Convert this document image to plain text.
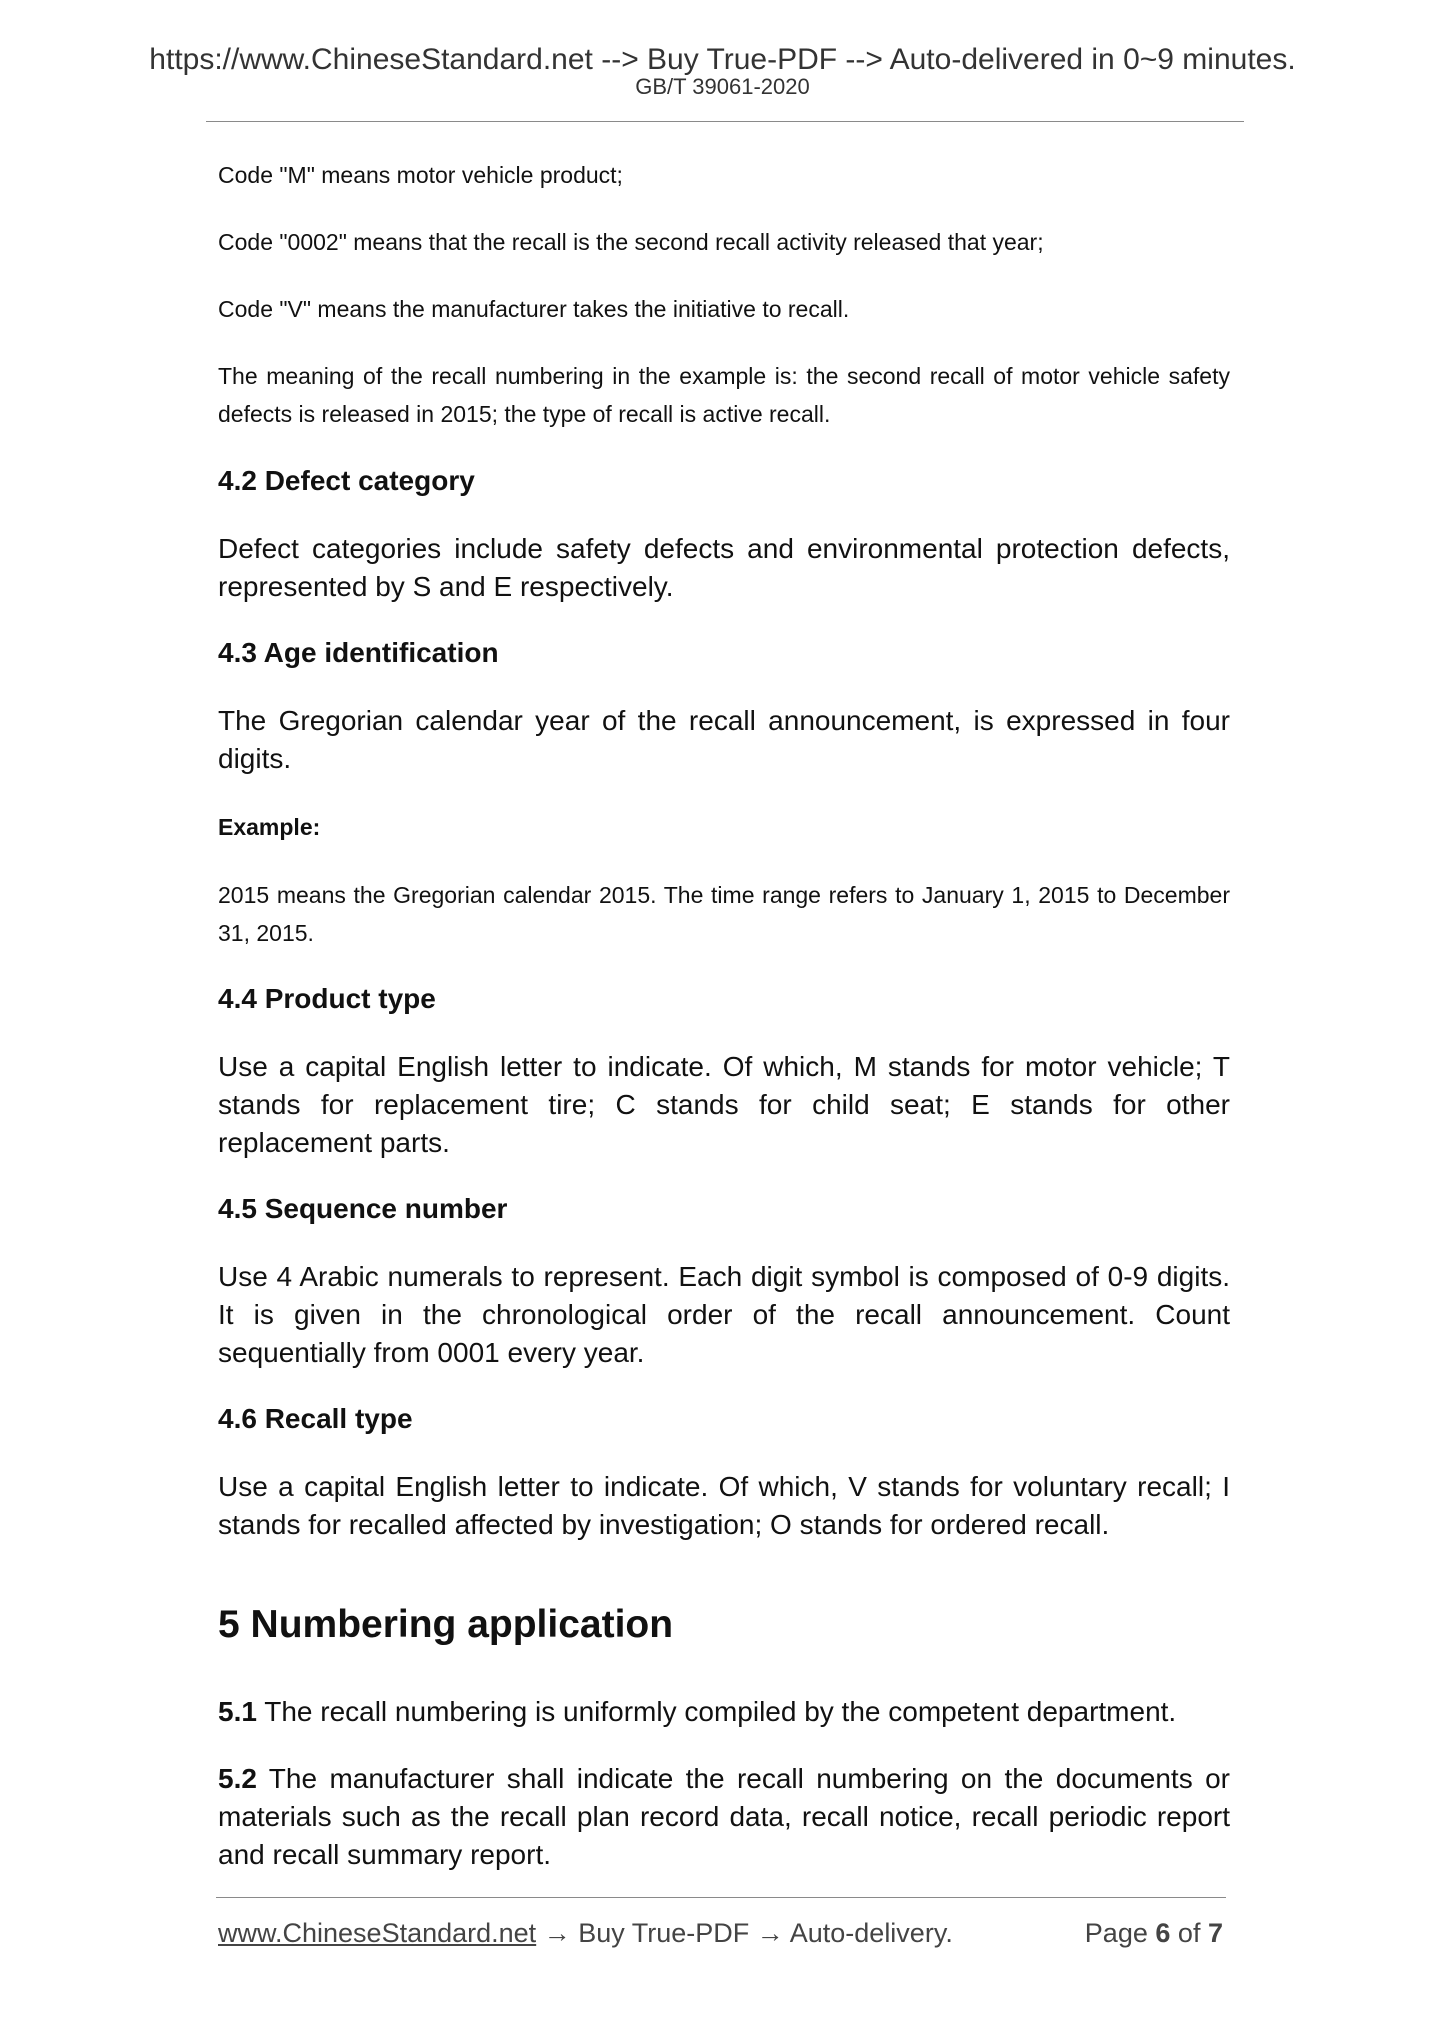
https://www.ChineseStandard.net --> Buy True-PDF --> Auto-delivered in 0~9 minutes.
GB/T 39061-2020

Code "M" means motor vehicle product;

Code "0002" means that the recall is the second recall activity released that year;

Code "V" means the manufacturer takes the initiative to recall.

The meaning of the recall numbering in the example is: the second recall of motor vehicle safety defects is released in 2015; the type of recall is active recall.

4.2 Defect category

Defect categories include safety defects and environmental protection defects, represented by S and E respectively.

4.3 Age identification

The Gregorian calendar year of the recall announcement, is expressed in four digits.

Example:

2015 means the Gregorian calendar 2015. The time range refers to January 1, 2015 to December 31, 2015.

4.4 Product type

Use a capital English letter to indicate. Of which, M stands for motor vehicle; T stands for replacement tire; C stands for child seat; E stands for other replacement parts.

4.5 Sequence number

Use 4 Arabic numerals to represent. Each digit symbol is composed of 0-9 digits. It is given in the chronological order of the recall announcement. Count sequentially from 0001 every year.

4.6 Recall type

Use a capital English letter to indicate. Of which, V stands for voluntary recall; I stands for recalled affected by investigation; O stands for ordered recall.

5 Numbering application

5.1 The recall numbering is uniformly compiled by the competent department.

5.2 The manufacturer shall indicate the recall numbering on the documents or materials such as the recall plan record data, recall notice, recall periodic report and recall summary report.

www.ChineseStandard.net → Buy True-PDF → Auto-delivery.	Page 6 of 7
